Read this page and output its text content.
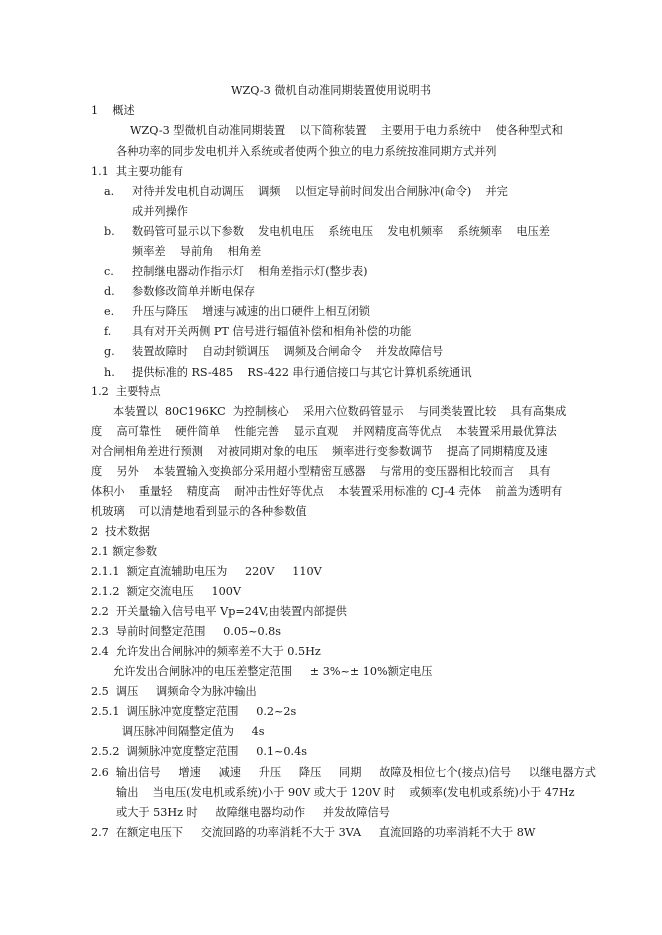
WZQ-3 微机自动准同期装置使用说明书
1    概述
WZQ-3 型微机自动准同期装置    以下简称装置    主要用于电力系统中    使各种型式和
各种功率的同步发电机并入系统或者使两个独立的电力系统按准同期方式并列
1.1  其主要功能有
a. 对待并发电机自动调压    调频    以恒定导前时间发出合闸脉冲(命令)    并完
成并列操作
b. 数码管可显示以下参数    发电机电压    系统电压    发电机频率    系统频率    电压差
频率差    导前角    相角差
c. 控制继电器动作指示灯    相角差指示灯(整步表)
d. 参数修改简单并断电保存
e. 升压与降压    增速与减速的出口硬件上相互闭锁
f. 具有对开关两侧 PT 信号进行辐值补偿和相角补偿的功能
g. 装置故障时    自动封锁调压    调频及合闸命令    并发故障信号
h. 提供标准的 RS-485    RS-422 串行通信接口与其它计算机系统通讯
1.2  主要特点
本装置以  80C196KC  为控制核心    采用六位数码管显示    与同类装置比较    具有高集成
度    高可靠性    硬件简单    性能完善    显示直观    并网精度高等优点    本装置采用最优算法
对合闸相角差进行预测    对被同期对象的电压    频率进行变参数调节    提高了同期精度及速
度    另外    本装置输入变换部分采用超小型精密互感器    与常用的变压器相比较而言    具有
体积小    重量轻    精度高    耐冲击性好等优点    本装置采用标准的 CJ-4 壳体    前盖为透明有
机玻璃    可以清楚地看到显示的各种参数值
2  技术数据
2.1 额定参数
2.1.1  额定直流辅助电压为     220V     110V
2.1.2  额定交流电压     100V
2.2  开关量输入信号电平 Vp=24V,由装置内部提供
2.3  导前时间整定范围     0.05~0.8s
2.4  允许发出合闸脉冲的频率差不大于 0.5Hz
允许发出合闸脉冲的电压差整定范围     ± 3%~± 10%额定电压
2.5  调压     调频命令为脉冲输出
2.5.1  调压脉冲宽度整定范围     0.2~2s
调压脉冲间隔整定值为     4s
2.5.2  调频脉冲宽度整定范围     0.1~0.4s
2.6  输出信号     增速     减速     升压     降压     同期     故障及相位七个(接点)信号     以继电器方式
输出    当电压(发电机或系统)小于 90V 或大于 120V 时    或频率(发电机或系统)小于 47Hz
或大于 53Hz 时     故障继电器均动作     并发故障信号
2.7  在额定电压下     交流回路的功率消耗不大于 3VA     直流回路的功率消耗不大于 8W
